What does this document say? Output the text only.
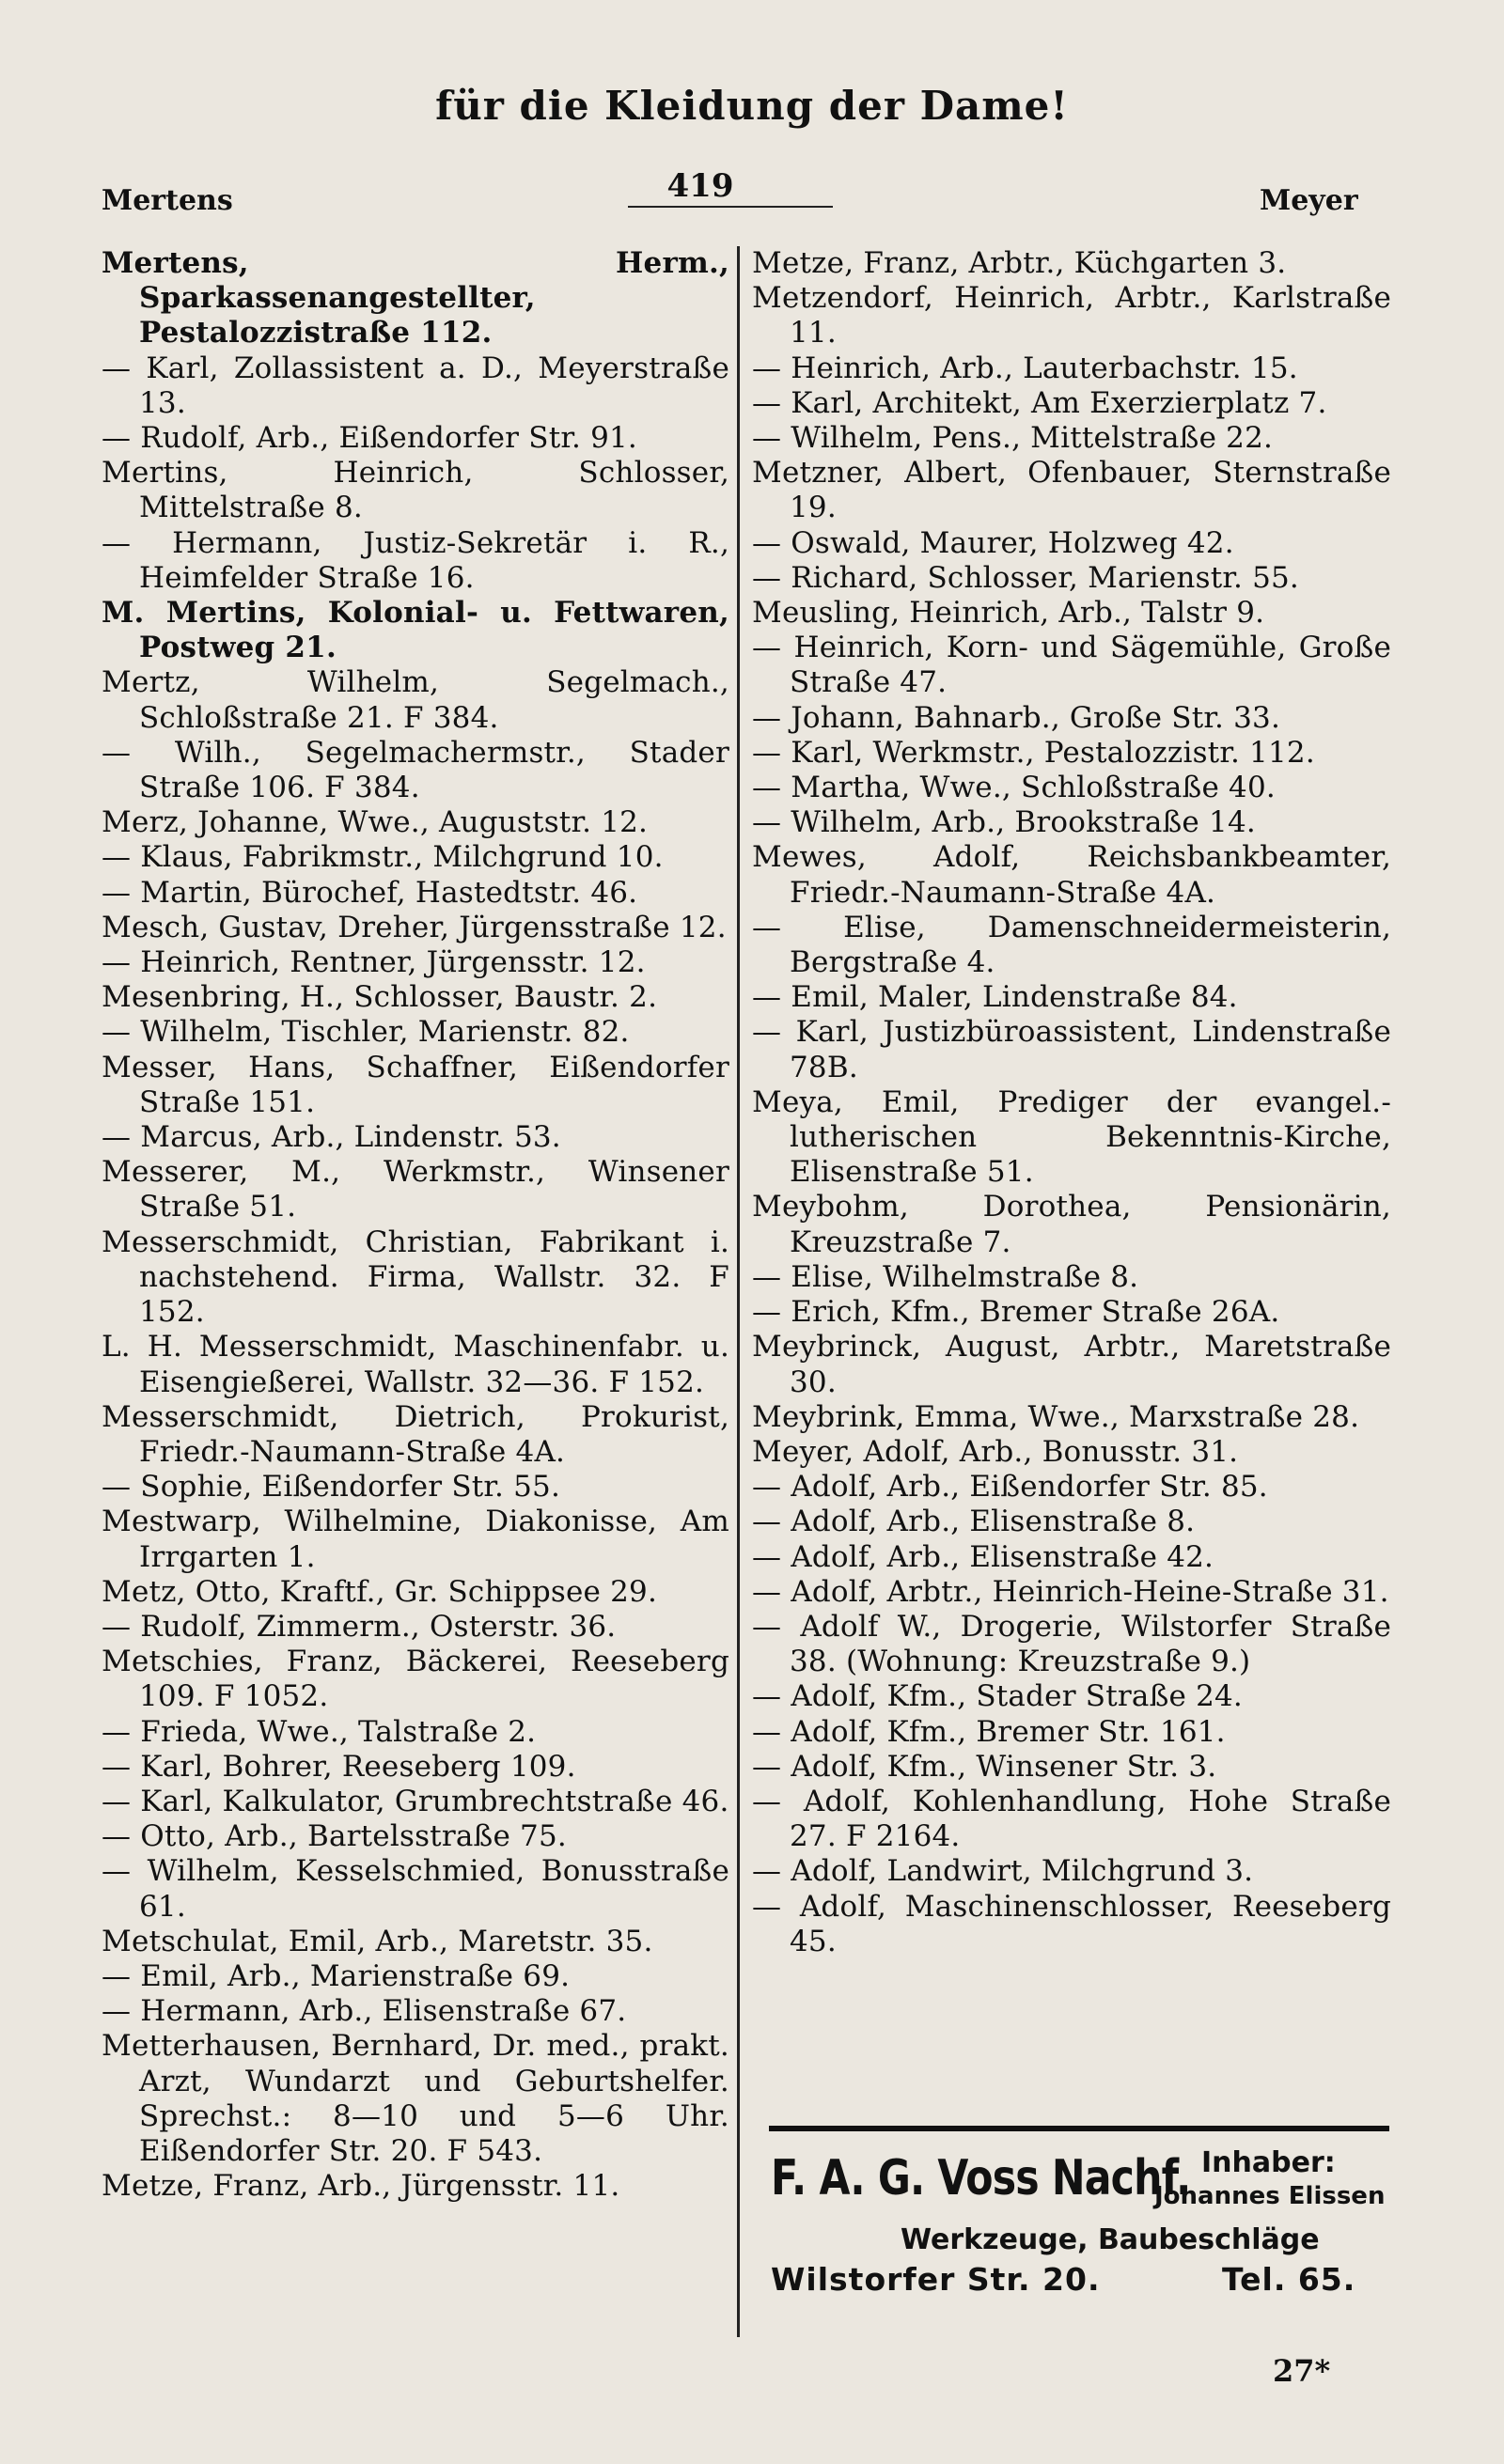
für die Kleidung der Dame!
419
Mertens	Meyer
Mertens, Herm., Sparkassenangestellter, Pestalozzistraße 112.
— Karl, Zollassistent a. D., Meyerstraße 13.
— Rudolf, Arb., Eißendorfer Str. 91.
Mertins, Heinrich, Schlosser, Mittelstraße 8.
— Hermann, Justiz-Sekretär i. R., Heimfelder Straße 16.
M. Mertins, Kolonial- u. Fettwaren, Postweg 21.
Mertz, Wilhelm, Segelmach., Schloßstraße 21. F 384.
— Wilh., Segelmachermstr., Stader Straße 106. F 384.
Merz, Johanne, Wwe., Auguststr. 12.
— Klaus, Fabrikmstr., Milchgrund 10.
— Martin, Bürochef, Hastedtstr. 46.
Mesch, Gustav, Dreher, Jürgensstraße 12.
— Heinrich, Rentner, Jürgensstr. 12.
Mesenbring, H., Schlosser, Baustr. 2.
— Wilhelm, Tischler, Marienstr. 82.
Messer, Hans, Schaffner, Eißendorfer Straße 151.
— Marcus, Arb., Lindenstr. 53.
Messerer, M., Werkmstr., Winsener Straße 51.
Messerschmidt, Christian, Fabrikant i. nachstehend. Firma, Wallstr. 32. F 152.
L. H. Messerschmidt, Maschinenfabr. u. Eisengießerei, Wallstr. 32—36. F 152.
Messerschmidt, Dietrich, Prokurist, Friedr.-Naumann-Straße 4A.
— Sophie, Eißendorfer Str. 55.
Mestwarp, Wilhelmine, Diakonisse, Am Irrgarten 1.
Metz, Otto, Kraftf., Gr. Schippsee 29.
— Rudolf, Zimmerm., Osterstr. 36.
Metschies, Franz, Bäckerei, Reeseberg 109. F 1052.
— Frieda, Wwe., Talstraße 2.
— Karl, Bohrer, Reeseberg 109.
— Karl, Kalkulator, Grumbrechtstraße 46.
— Otto, Arb., Bartelsstraße 75.
— Wilhelm, Kesselschmied, Bonusstraße 61.
Metschulat, Emil, Arb., Maretstr. 35.
— Emil, Arb., Marienstraße 69.
— Hermann, Arb., Elisenstraße 67.
Metterhausen, Bernhard, Dr. med., prakt. Arzt, Wundarzt und Geburtshelfer. Sprechst.: 8—10 und 5—6 Uhr. Eißendorfer Str. 20. F 543.
Metze, Franz, Arb., Jürgensstr. 11.
Metze, Franz, Arbtr., Küchgarten 3.
Metzendorf, Heinrich, Arbtr., Karlstraße 11.
— Heinrich, Arb., Lauterbachstr. 15.
— Karl, Architekt, Am Exerzierplatz 7.
— Wilhelm, Pens., Mittelstraße 22.
Metzner, Albert, Ofenbauer, Sternstraße 19.
— Oswald, Maurer, Holzweg 42.
— Richard, Schlosser, Marienstr. 55.
Meusling, Heinrich, Arb., Talstr 9.
— Heinrich, Korn- und Sägemühle, Große Straße 47.
— Johann, Bahnarb., Große Str. 33.
— Karl, Werkmstr., Pestalozzistr. 112.
— Martha, Wwe., Schloßstraße 40.
— Wilhelm, Arb., Brookstraße 14.
Mewes, Adolf, Reichsbankbeamter, Friedr.-Naumann-Straße 4A.
— Elise, Damenschneidermeisterin, Bergstraße 4.
— Emil, Maler, Lindenstraße 84.
— Karl, Justizbüroassistent, Lindenstraße 78B.
Meya, Emil, Prediger der evangel.-lutherischen Bekenntnis-Kirche, Elisenstraße 51.
Meybohm, Dorothea, Pensionärin, Kreuzstraße 7.
— Elise, Wilhelmstraße 8.
— Erich, Kfm., Bremer Straße 26A.
Meybrinck, August, Arbtr., Maretstraße 30.
Meybrink, Emma, Wwe., Marxstraße 28.
Meyer, Adolf, Arb., Bonusstr. 31.
— Adolf, Arb., Eißendorfer Str. 85.
— Adolf, Arb., Elisenstraße 8.
— Adolf, Arb., Elisenstraße 42.
— Adolf, Arbtr., Heinrich-Heine-Straße 31.
— Adolf W., Drogerie, Wilstorfer Straße 38. (Wohnung: Kreuzstraße 9.)
— Adolf, Kfm., Stader Straße 24.
— Adolf, Kfm., Bremer Str. 161.
— Adolf, Kfm., Winsener Str. 3.
— Adolf, Kohlenhandlung, Hohe Straße 27. F 2164.
— Adolf, Landwirt, Milchgrund 3.
— Adolf, Maschinenschlosser, Reeseberg 45.
F. A. G. Voss Nachf. Inhaber:
Johannes Elissen
Werkzeuge, Baubeschläge
Wilstorfer Str. 20.	Tel. 65.
27*
